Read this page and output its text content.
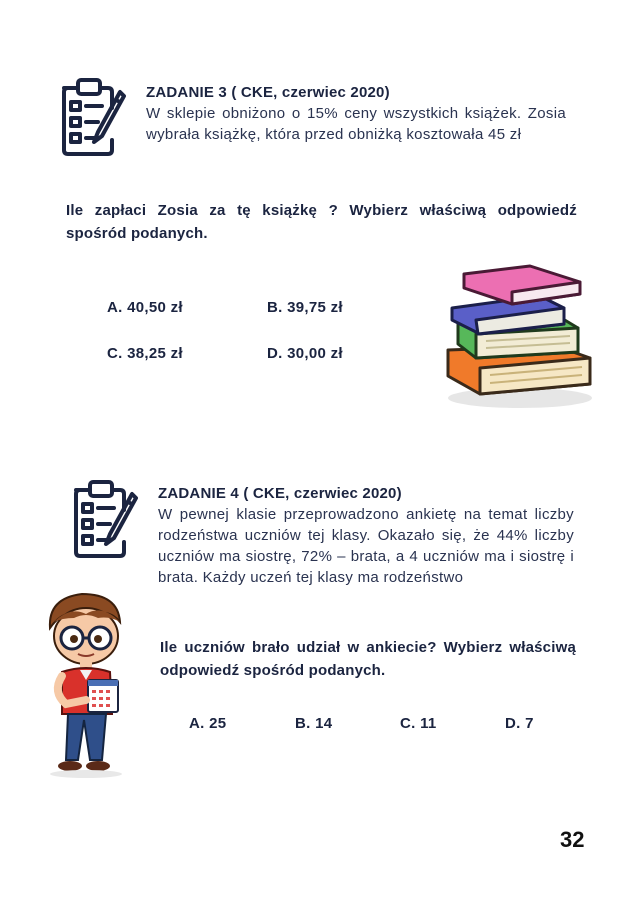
ZADANIE 3 ( CKE, czerwiec 2020)
W sklepie obniżono o 15% ceny wszystkich książek. Zosia wybrała książkę, która przed obniżką kosztowała 45 zł
Ile zapłaci Zosia za tę książkę ? Wybierz właściwą odpowiedź spośród podanych.
A. 40,50 zł	B. 39,75 zł
C. 38,25 zł	D. 30,00 zł
ZADANIE 4 ( CKE, czerwiec 2020)
W pewnej klasie przeprowadzono ankietę na temat liczby rodzeństwa uczniów tej klasy. Okazało się, że 44% liczby uczniów ma siostrę, 72% – brata, a 4 uczniów ma i siostrę i brata. Każdy uczeń tej klasy ma rodzeństwo
Ile uczniów brało udział w ankiecie? Wybierz właściwą odpowiedź spośród podanych.
A. 25	B. 14	C. 11	D. 7
32
